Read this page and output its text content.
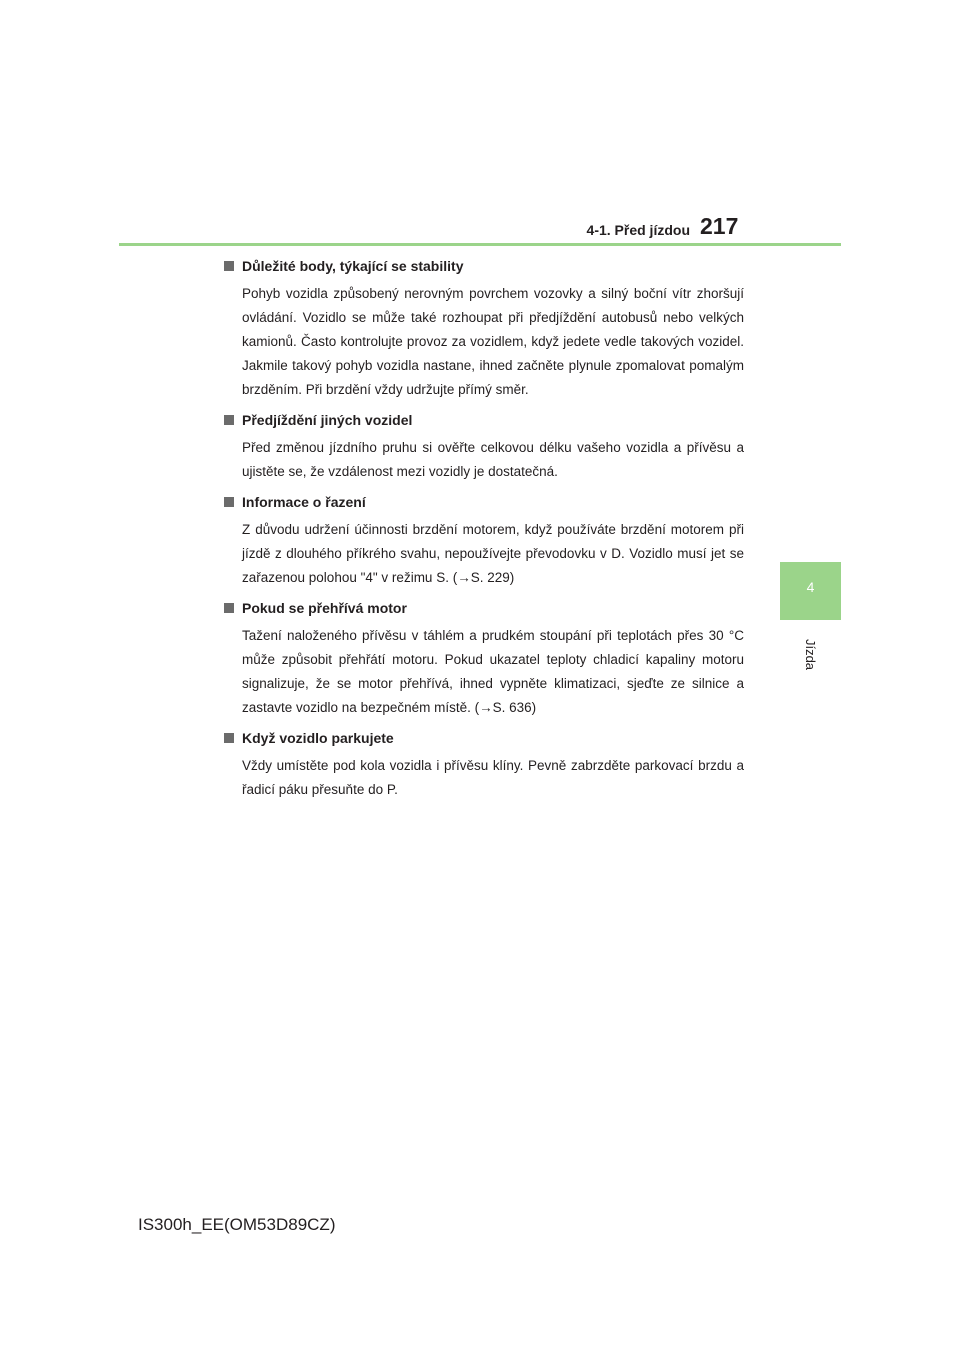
4-1. Před jízdou 217
4
Jízda
Důležité body, týkající se stability
Pohyb vozidla způsobený nerovným povrchem vozovky a silný boční vítr zhoršují ovládání. Vozidlo se může také rozhoupat při předjíždění autobusů nebo velkých kamionů. Často kontrolujte provoz za vozidlem, když jedete vedle takových vozidel. Jakmile takový pohyb vozidla nastane, ihned začněte plynule zpomalovat pomalým brzděním. Při brzdění vždy udržujte přímý směr.
Předjíždění jiných vozidel
Před změnou jízdního pruhu si ověřte celkovou délku vašeho vozidla a přívěsu a ujistěte se, že vzdálenost mezi vozidly je dostatečná.
Informace o řazení
Z důvodu udržení účinnosti brzdění motorem, když používáte brzdění motorem při jízdě z dlouhého příkrého svahu, nepoužívejte převodovku v D. Vozidlo musí jet se zařazenou polohou "4" v režimu S. (→S. 229)
Pokud se přehřívá motor
Tažení naloženého přívěsu v táhlém a prudkém stoupání při teplotách přes 30 °C může způsobit přehřátí motoru. Pokud ukazatel teploty chladicí kapaliny motoru signalizuje, že se motor přehřívá, ihned vypněte klimatizaci, sjeďte ze silnice a zastavte vozidlo na bezpečném místě. (→S. 636)
Když vozidlo parkujete
Vždy umístěte pod kola vozidla i přívěsu klíny. Pevně zabrzděte parkovací brzdu a řadicí páku přesuňte do P.
IS300h_EE(OM53D89CZ)
